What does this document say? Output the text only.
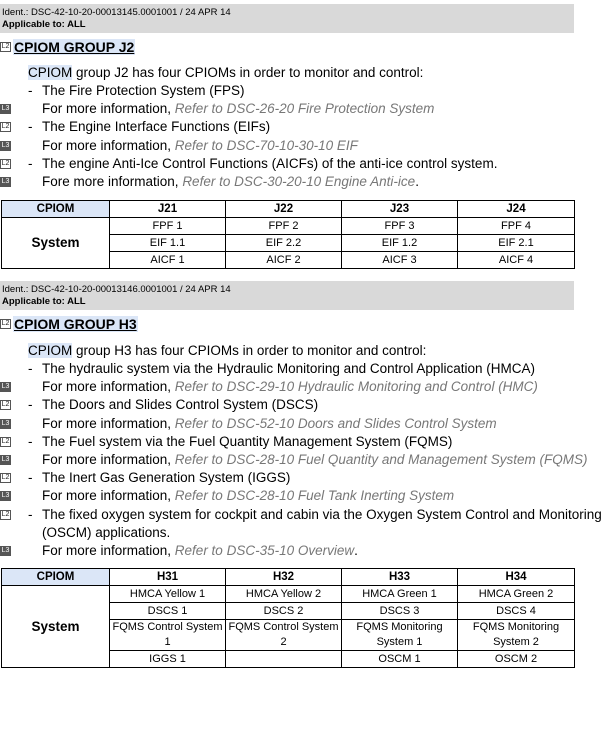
Ident.: DSC-42-10-20-00013145.0001001 / 24 APR 14
Applicable to: ALL
L2 CPIOM GROUP J2
CPIOM group J2 has four CPIOMs in order to monitor and control:
- The Fire Protection System (FPS)
L3 For more information, Refer to DSC-26-20 Fire Protection System
L2 - The Engine Interface Functions (EIFs)
L3 For more information, Refer to DSC-70-10-30-10 EIF
L2 - The engine Anti-Ice Control Functions (AICFs) of the anti-ice control system.
L3 Fore more information, Refer to DSC-30-20-10 Engine Anti-ice.
CPIOM	J21	J22	J23	J24
System	FPF 1	FPF 2	FPF 3	FPF 4
	EIF 1.1	EIF 2.2	EIF 1.2	EIF 2.1
	AICF 1	AICF 2	AICF 3	AICF 4
Ident.: DSC-42-10-20-00013146.0001001 / 24 APR 14
Applicable to: ALL
L2 CPIOM GROUP H3
CPIOM group H3 has four CPIOMs in order to monitor and control:
- The hydraulic system via the Hydraulic Monitoring and Control Application (HMCA)
L3 For more information, Refer to DSC-29-10 Hydraulic Monitoring and Control (HMC)
L2 - The Doors and Slides Control System (DSCS)
L3 For more information, Refer to DSC-52-10 Doors and Slides Control System
L2 - The Fuel system via the Fuel Quantity Management System (FQMS)
L3 For more information, Refer to DSC-28-10 Fuel Quantity and Management System (FQMS)
L2 - The Inert Gas Generation System (IGGS)
L3 For more information, Refer to DSC-28-10 Fuel Tank Inerting System
L2 - The fixed oxygen system for cockpit and cabin via the Oxygen System Control and Monitoring
(OSCM) applications.
L3 For more information, Refer to DSC-35-10 Overview.
CPIOM	H31	H32	H33	H34
System	HMCA Yellow 1	HMCA Yellow 2	HMCA Green 1	HMCA Green 2
	DSCS 1	DSCS 2	DSCS 3	DSCS 4
	FQMS Control System 1	FQMS Control System 2	FQMS Monitoring System 1	FQMS Monitoring System 2
	IGGS 1		OSCM 1	OSCM 2
